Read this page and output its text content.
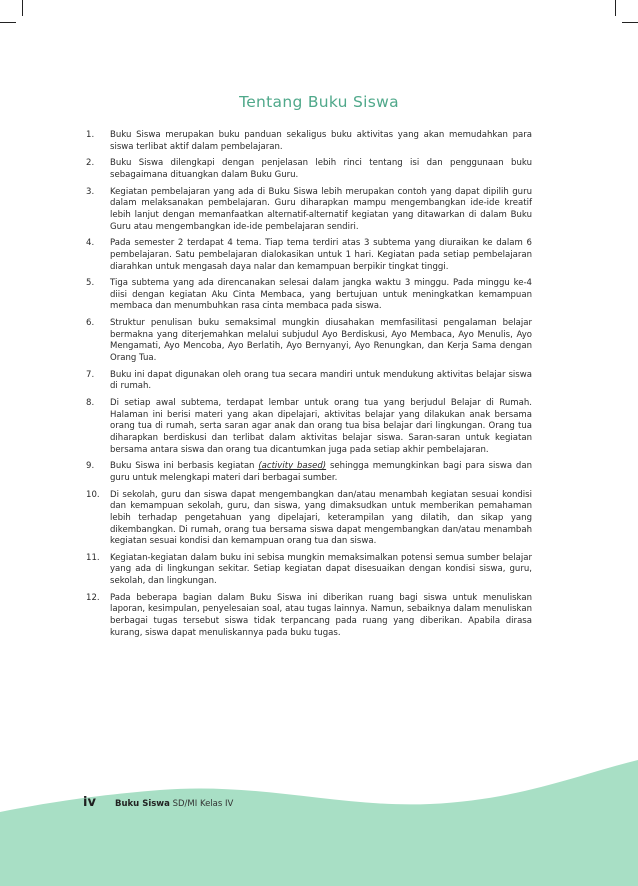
Tentang Buku Siswa
1. Buku Siswa merupakan buku panduan sekaligus buku aktivitas yang akan memudahkan para siswa terlibat aktif dalam pembelajaran.
2. Buku Siswa dilengkapi dengan penjelasan lebih rinci tentang isi dan penggunaan buku sebagaimana dituangkan dalam Buku Guru.
3. Kegiatan pembelajaran yang ada di Buku Siswa lebih merupakan contoh yang dapat dipilih guru dalam melaksanakan pembelajaran. Guru diharapkan mampu mengembangkan ide-ide kreatif lebih lanjut dengan memanfaatkan alternatif-alternatif kegiatan yang ditawarkan di dalam Buku Guru atau mengembangkan ide-ide pembelajaran sendiri.
4. Pada semester 2 terdapat 4 tema. Tiap tema terdiri atas 3 subtema yang diuraikan ke dalam 6 pembelajaran. Satu pembelajaran dialokasikan untuk 1 hari. Kegiatan pada setiap pembelajaran diarahkan untuk mengasah daya nalar dan kemampuan berpikir tingkat tinggi.
5. Tiga subtema yang ada direncanakan selesai dalam jangka waktu 3 minggu. Pada minggu ke-4 diisi dengan kegiatan Aku Cinta Membaca, yang bertujuan untuk meningkatkan kemampuan membaca dan menumbuhkan rasa cinta membaca pada siswa.
6. Struktur penulisan buku semaksimal mungkin diusahakan memfasilitasi pengalaman belajar bermakna yang diterjemahkan melalui subjudul Ayo Berdiskusi, Ayo Membaca, Ayo Menulis, Ayo Mengamati, Ayo Mencoba, Ayo Berlatih, Ayo Bernyanyi, Ayo Renungkan, dan Kerja Sama dengan Orang Tua.
7. Buku ini dapat digunakan oleh orang tua secara mandiri untuk mendukung aktivitas belajar siswa di rumah.
8. Di setiap awal subtema, terdapat lembar untuk orang tua yang berjudul Belajar di Rumah. Halaman ini berisi materi yang akan dipelajari, aktivitas belajar yang dilakukan anak bersama orang tua di rumah, serta saran agar anak dan orang tua bisa belajar dari lingkungan. Orang tua diharapkan berdiskusi dan terlibat dalam aktivitas belajar siswa. Saran-saran untuk kegiatan bersama antara siswa dan orang tua dicantumkan juga pada setiap akhir pembelajaran.
9. Buku Siswa ini berbasis kegiatan (activity based) sehingga memungkinkan bagi para siswa dan guru untuk melengkapi materi dari berbagai sumber.
10. Di sekolah, guru dan siswa dapat mengembangkan dan/atau menambah kegiatan sesuai kondisi dan kemampuan sekolah, guru, dan siswa, yang dimaksudkan untuk memberikan pemahaman lebih terhadap pengetahuan yang dipelajari, keterampilan yang dilatih, dan sikap yang dikembangkan. Di rumah, orang tua bersama siswa dapat mengembangkan dan/atau menambah kegiatan sesuai kondisi dan kemampuan orang tua dan siswa.
11. Kegiatan-kegiatan dalam buku ini sebisa mungkin memaksimalkan potensi semua sumber belajar yang ada di lingkungan sekitar. Setiap kegiatan dapat disesuaikan dengan kondisi siswa, guru, sekolah, dan lingkungan.
12. Pada beberapa bagian dalam Buku Siswa ini diberikan ruang bagi siswa untuk menuliskan laporan, kesimpulan, penyelesaian soal, atau tugas lainnya. Namun, sebaiknya dalam menuliskan berbagai tugas tersebut siswa tidak terpancang pada ruang yang diberikan. Apabila dirasa kurang, siswa dapat menuliskannya pada buku tugas.
iv Buku Siswa SD/MI Kelas IV
